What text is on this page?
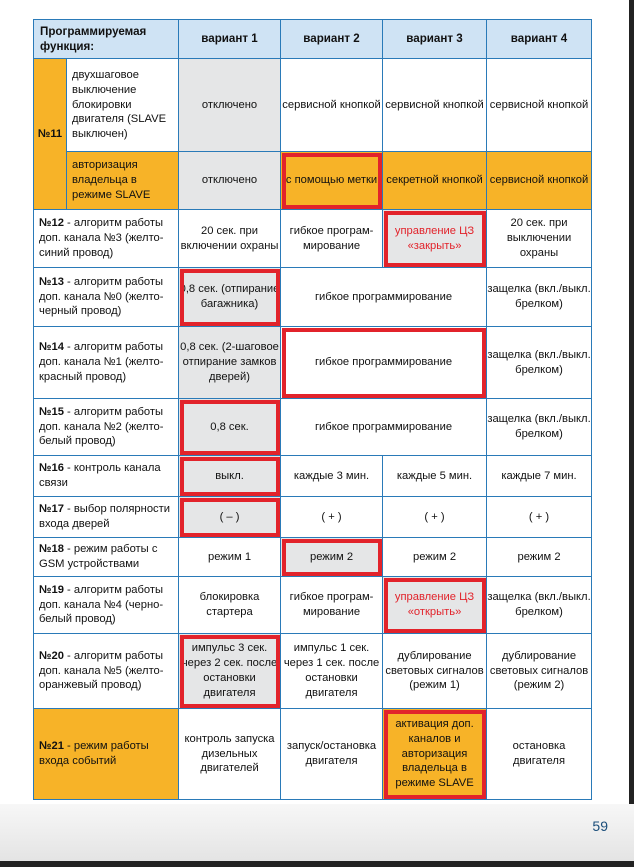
Программируемая функция:		вариант 1	вариант 2	вариант 3	вариант 4
№11	двухшаговое выключение блокировки двигателя (SLAVE выключен)	отключено	сервисной кнопкой	сервисной кнопкой	сервисной кнопкой
	авторизация владельца в режиме SLAVE	отключено	с помощью метки	секретной кнопкой	сервисной кнопкой
№12 - алгоритм работы доп. канала №3 (желто-синий провод)		20 сек. при включении охраны	гибкое програм-мирование	управление ЦЗ «закрыть»	20 сек. при выключении охраны
№13 - алгоритм работы доп. канала №0 (желто-черный провод)		0,8 сек. (отпирание багажника)	гибкое программирование		защелка (вкл./выкл. брелком)
№14 - алгоритм работы доп. канала №1 (желто-красный провод)		0,8 сек. (2-шаговое отпирание замков дверей)	гибкое программирование		защелка (вкл./выкл. брелком)
№15 - алгоритм работы доп. канала №2 (желто-белый провод)		0,8 сек.	гибкое программирование		защелка (вкл./выкл. брелком)
№16 - контроль канала связи		выкл.	каждые 3 мин.	каждые 5 мин.	каждые 7 мин.
№17 - выбор полярности входа дверей		( – )	( + )	( + )	( + )
№18 - режим работы с GSM устройствами		режим 1	режим 2	режим 2	режим 2
№19 - алгоритм работы доп. канала №4 (черно-белый провод)		блокировка стартера	гибкое програм-мирование	управление ЦЗ «открыть»	защелка (вкл./выкл. брелком)
№20 - алгоритм работы доп. канала №5 (желто-оранжевый провод)		импульс 3 сек. через 2 сек. после остановки двигателя	импульс 1 сек. через 1 сек. после остановки двигателя	дублирование световых сигналов (режим 1)	дублирование световых сигналов (режим 2)
№21 - режим работы входа событий		контроль запуска дизельных двигателей	запуск/остановка двигателя	активация доп. каналов и авторизация владельца в режиме SLAVE	остановка двигателя
59
